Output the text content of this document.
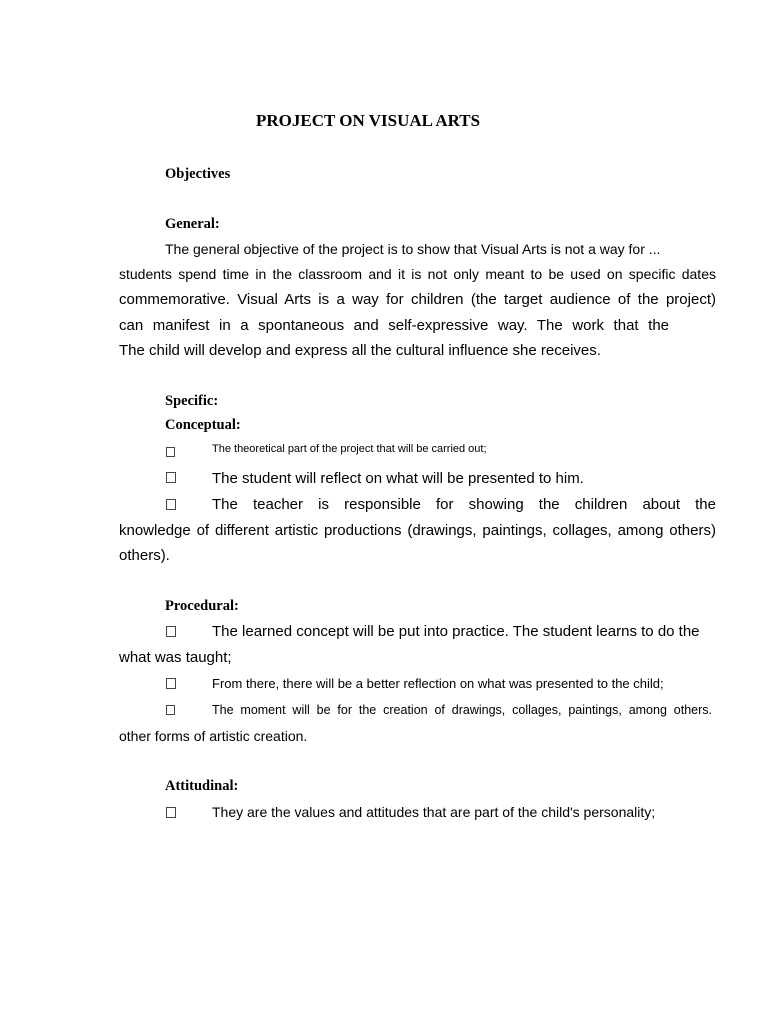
PROJECT ON VISUAL ARTS
Objectives
General:
The general objective of the project is to show that Visual Arts is not a way for ...
students spend time in the classroom and it is not only meant to be used on specific dates
commemorative. Visual Arts is a way for children (the target audience of the project)
can manifest in a spontaneous and self-expressive way. The work that the
The child will develop and express all the cultural influence she receives.
Specific:
Conceptual:
The theoretical part of the project that will be carried out;
The student will reflect on what will be presented to him.
The teacher is responsible for showing the children about the
knowledge of different artistic productions (drawings, paintings, collages, among others)
others).
Procedural:
The learned concept will be put into practice. The student learns to do the
what was taught;
From there, there will be a better reflection on what was presented to the child;
The moment will be for the creation of drawings, collages, paintings, among others.
other forms of artistic creation.
Attitudinal:
They are the values and attitudes that are part of the child's personality;
